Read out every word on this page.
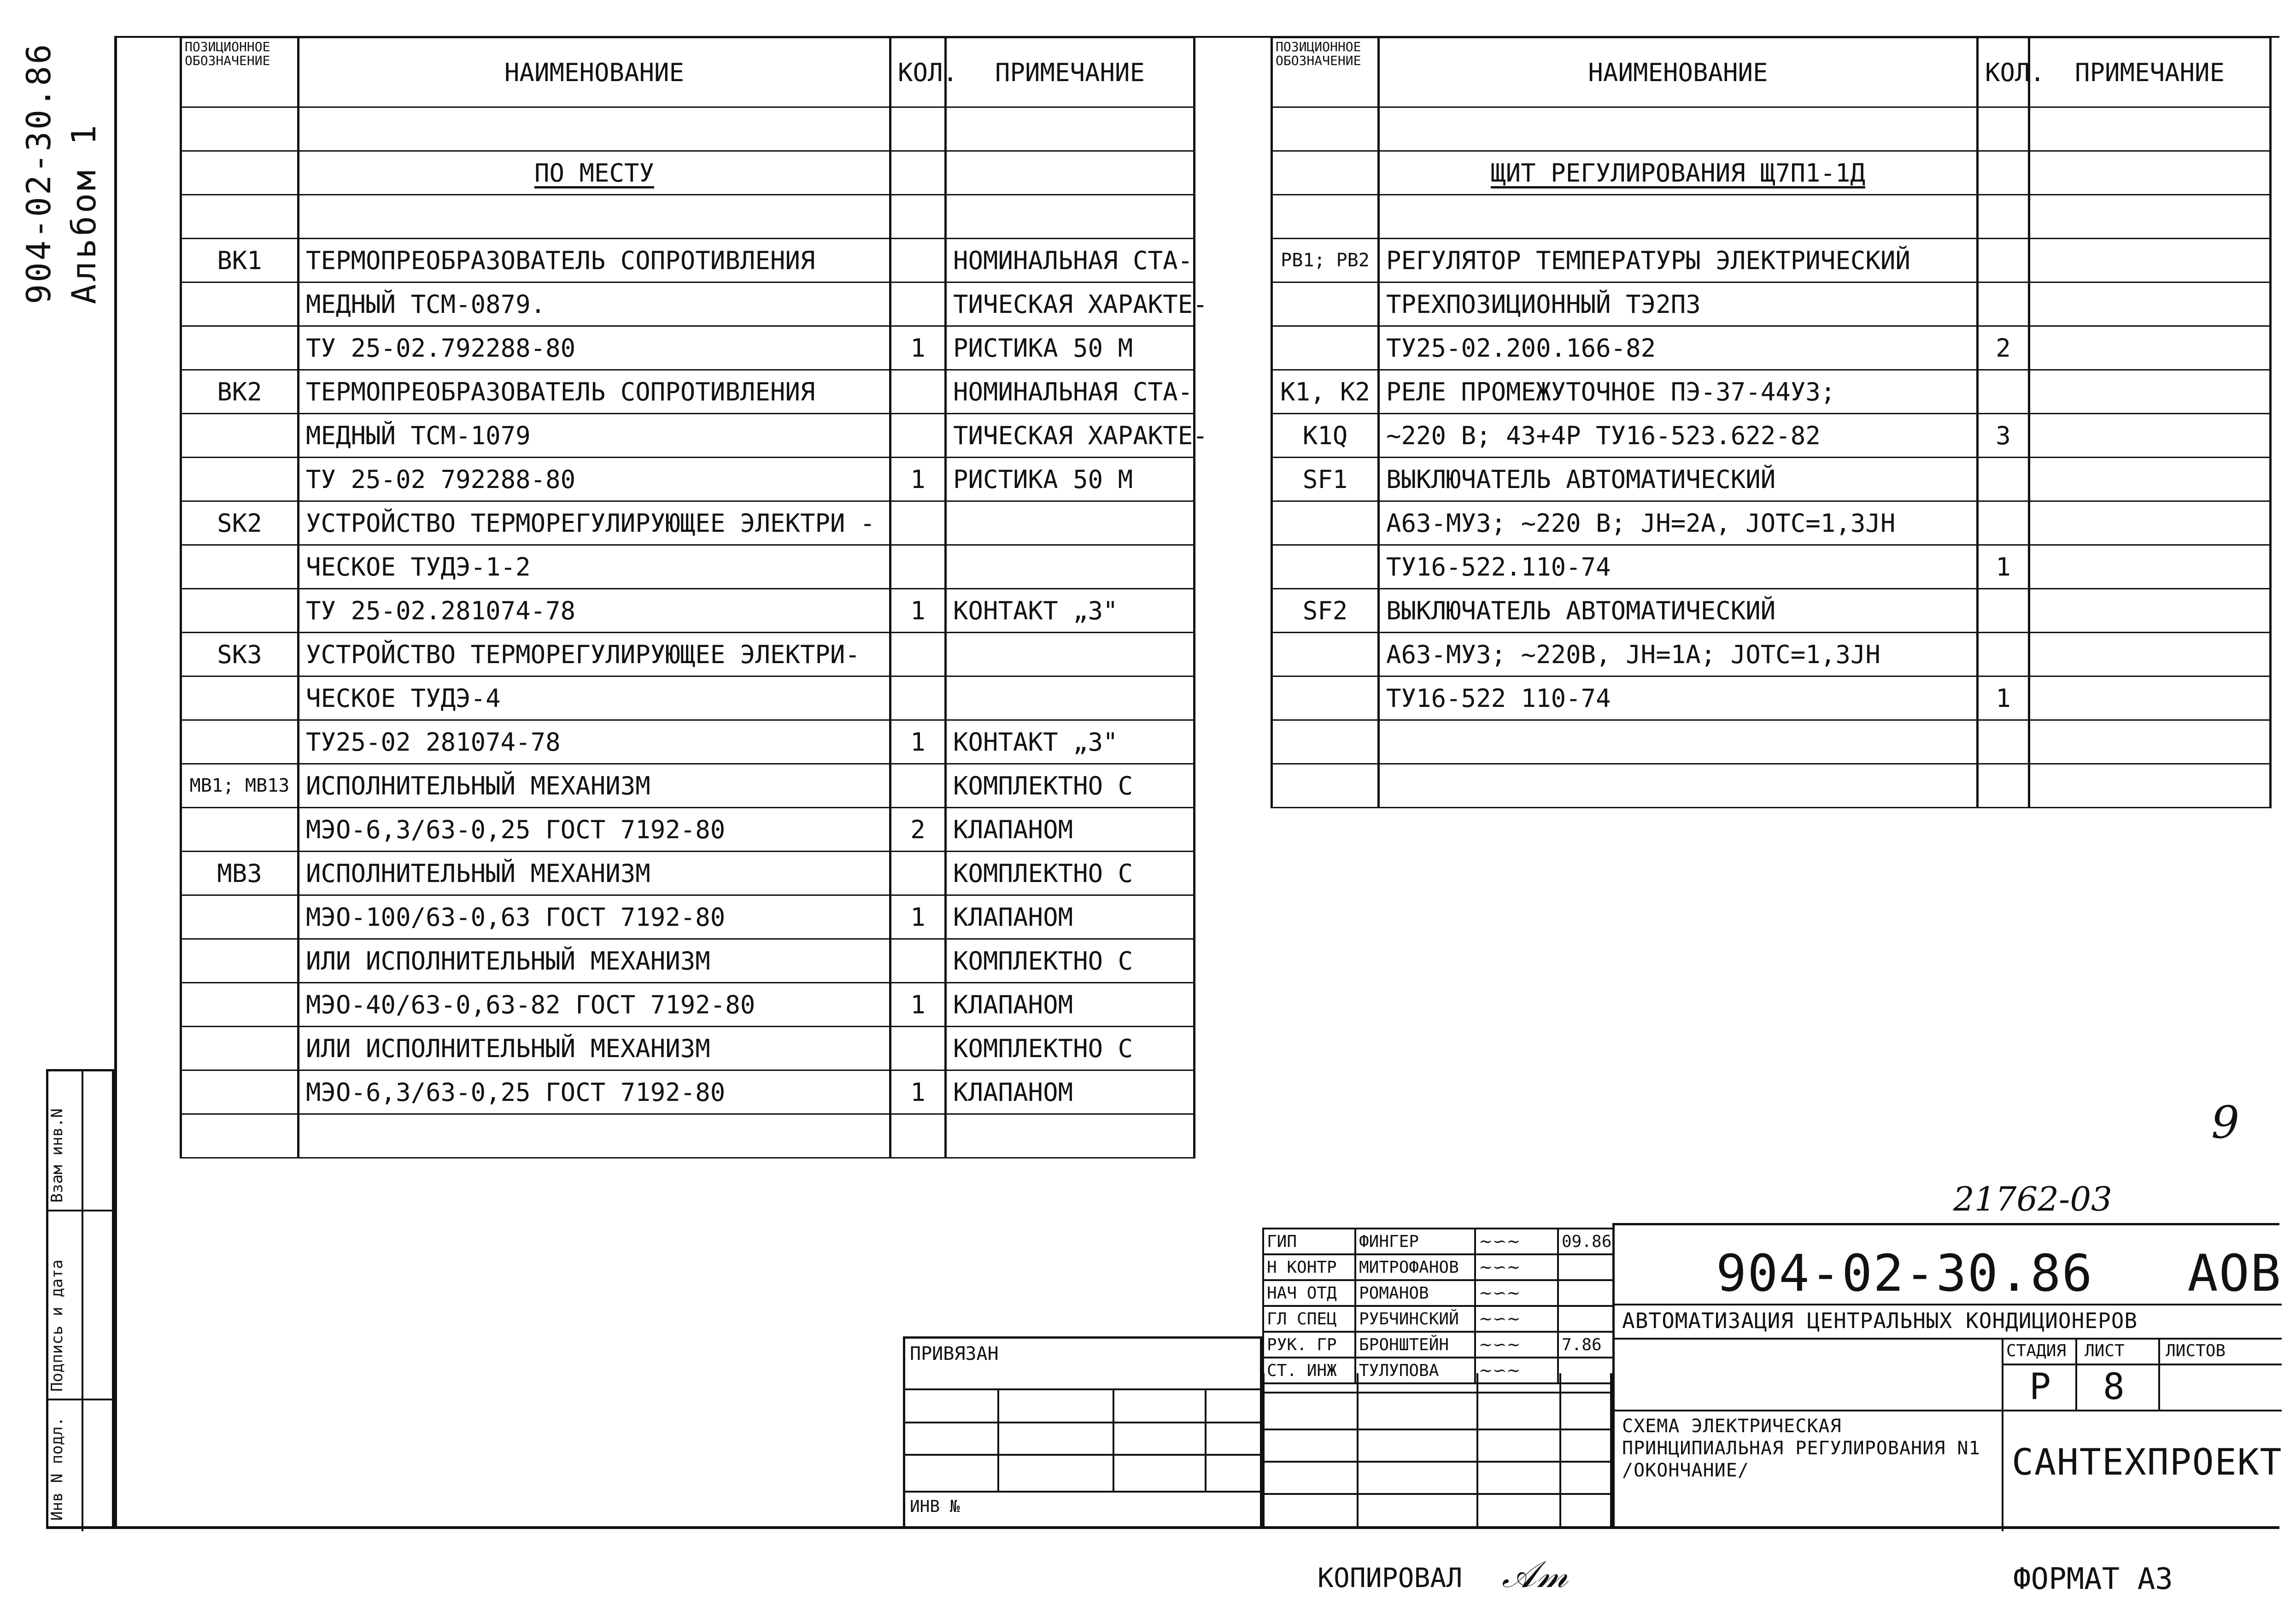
904-02-30.86 Альбом 1
Инв N подл.
Подпись и дата
Взам инв.N
ПОЗИЦИОННОЕ ОБОЗНАЧЕНИЕ	НАИМЕНОВАНИЕ	КОЛ.	ПРИМЕЧАНИЕ

	ПО МЕСТУ		

BK1	ТЕРМОПРЕОБРАЗОВАТЕЛЬ СОПРОТИВЛЕНИЯ		НОМИНАЛЬНАЯ СТА-
	МЕДНЫЙ ТСМ-0879.		ТИЧЕСКАЯ ХАРАКТЕ-
	ТУ 25-02.792288-80	1	РИСТИКА 50 М
BK2	ТЕРМОПРЕОБРАЗОВАТЕЛЬ СОПРОТИВЛЕНИЯ		НОМИНАЛЬНАЯ СТА-
	МЕДНЫЙ ТСМ-1079		ТИЧЕСКАЯ ХАРАКТЕ-
	ТУ 25-02 792288-80	1	РИСТИКА 50 М
SK2	УСТРОЙСТВО ТЕРМОРЕГУЛИРУЮЩЕЕ ЭЛЕКТРИ -		
	ЧЕСКОЕ ТУДЭ-1-2		
	ТУ 25-02.281074-78	1	КОНТАКТ „З"
SK3	УСТРОЙСТВО ТЕРМОРЕГУЛИРУЮЩЕЕ ЭЛЕКТРИ-		
	ЧЕСКОЕ ТУДЭ-4		
	ТУ25-02 281074-78	1	КОНТАКТ „З"
MB1; MB13	ИСПОЛНИТЕЛЬНЫЙ МЕХАНИЗМ		КОМПЛЕКТНО С
	МЭО-6,3/63-0,25 ГОСТ 7192-80	2	КЛАПАНОМ
MB3	ИСПОЛНИТЕЛЬНЫЙ МЕХАНИЗМ		КОМПЛЕКТНО С
	МЭО-100/63-0,63 ГОСТ 7192-80	1	КЛАПАНОМ
	ИЛИ ИСПОЛНИТЕЛЬНЫЙ МЕХАНИЗМ		КОМПЛЕКТНО С
	МЭО-40/63-0,63-82 ГОСТ 7192-80	1	КЛАПАНОМ
	ИЛИ ИСПОЛНИТЕЛЬНЫЙ МЕХАНИЗМ		КОМПЛЕКТНО С
	МЭО-6,3/63-0,25 ГОСТ 7192-80	1	КЛАПАНОМ

ПОЗИЦИОННОЕ ОБОЗНАЧЕНИЕ	НАИМЕНОВАНИЕ	КОЛ.	ПРИМЕЧАНИЕ

	ЩИТ РЕГУЛИРОВАНИЯ Щ7П1-1Д		

PB1; PB2	РЕГУЛЯТОР ТЕМПЕРАТУРЫ ЭЛЕКТРИЧЕСКИЙ		
	ТРЕХПОЗИЦИОННЫЙ ТЭ2П3		
	ТУ25-02.200.166-82	2	
K1, K2	РЕЛЕ ПРОМЕЖУТОЧНОЕ ПЭ-37-44У3;		
K1Q	~220 В; 4З+4Р ТУ16-523.622-82	3	
SF1	ВЫКЛЮЧАТЕЛЬ АВТОМАТИЧЕСКИЙ		
	А63-МУ3; ~220 В; JН=2А, JОТС=1,3JН		
	ТУ16-522.110-74	1	
SF2	ВЫКЛЮЧАТЕЛЬ АВТОМАТИЧЕСКИЙ		
	А63-МУ3; ~220В, JН=1А; JОТС=1,3JН		
	ТУ16-522 110-74	1	

9
21762-03
ГИП	ФИНГЕР	~∽~	09.86
Н КОНТР	МИТРОФАНОВ	~∽~	
НАЧ ОТД	РОМАНОВ	~∽~	
ГЛ СПЕЦ	РУБЧИНСКИЙ	~∽~	
РУК. ГР	БРОНШТЕЙН	~∽~	7.86
СТ. ИНЖ	ТУЛУПОВА	~∽~	
ПРИВЯЗАН
ИНВ №
904-02-30.86   АОВ
АВТОМАТИЗАЦИЯ ЦЕНТРАЛЬНЫХ КОНДИЦИОНЕРОВ
СТАДИЯ ЛИСТ ЛИСТОВ
Р 8
СХЕМА ЭЛЕКТРИЧЕСКАЯ ПРИНЦИПИАЛЬНАЯ РЕГУЛИРОВАНИЯ N1 /ОКОНЧАНИЕ/	САНТЕХПРОЕКТ
КОПИРОВАЛ 𝒜𝓂	ФОРМАТ А3
